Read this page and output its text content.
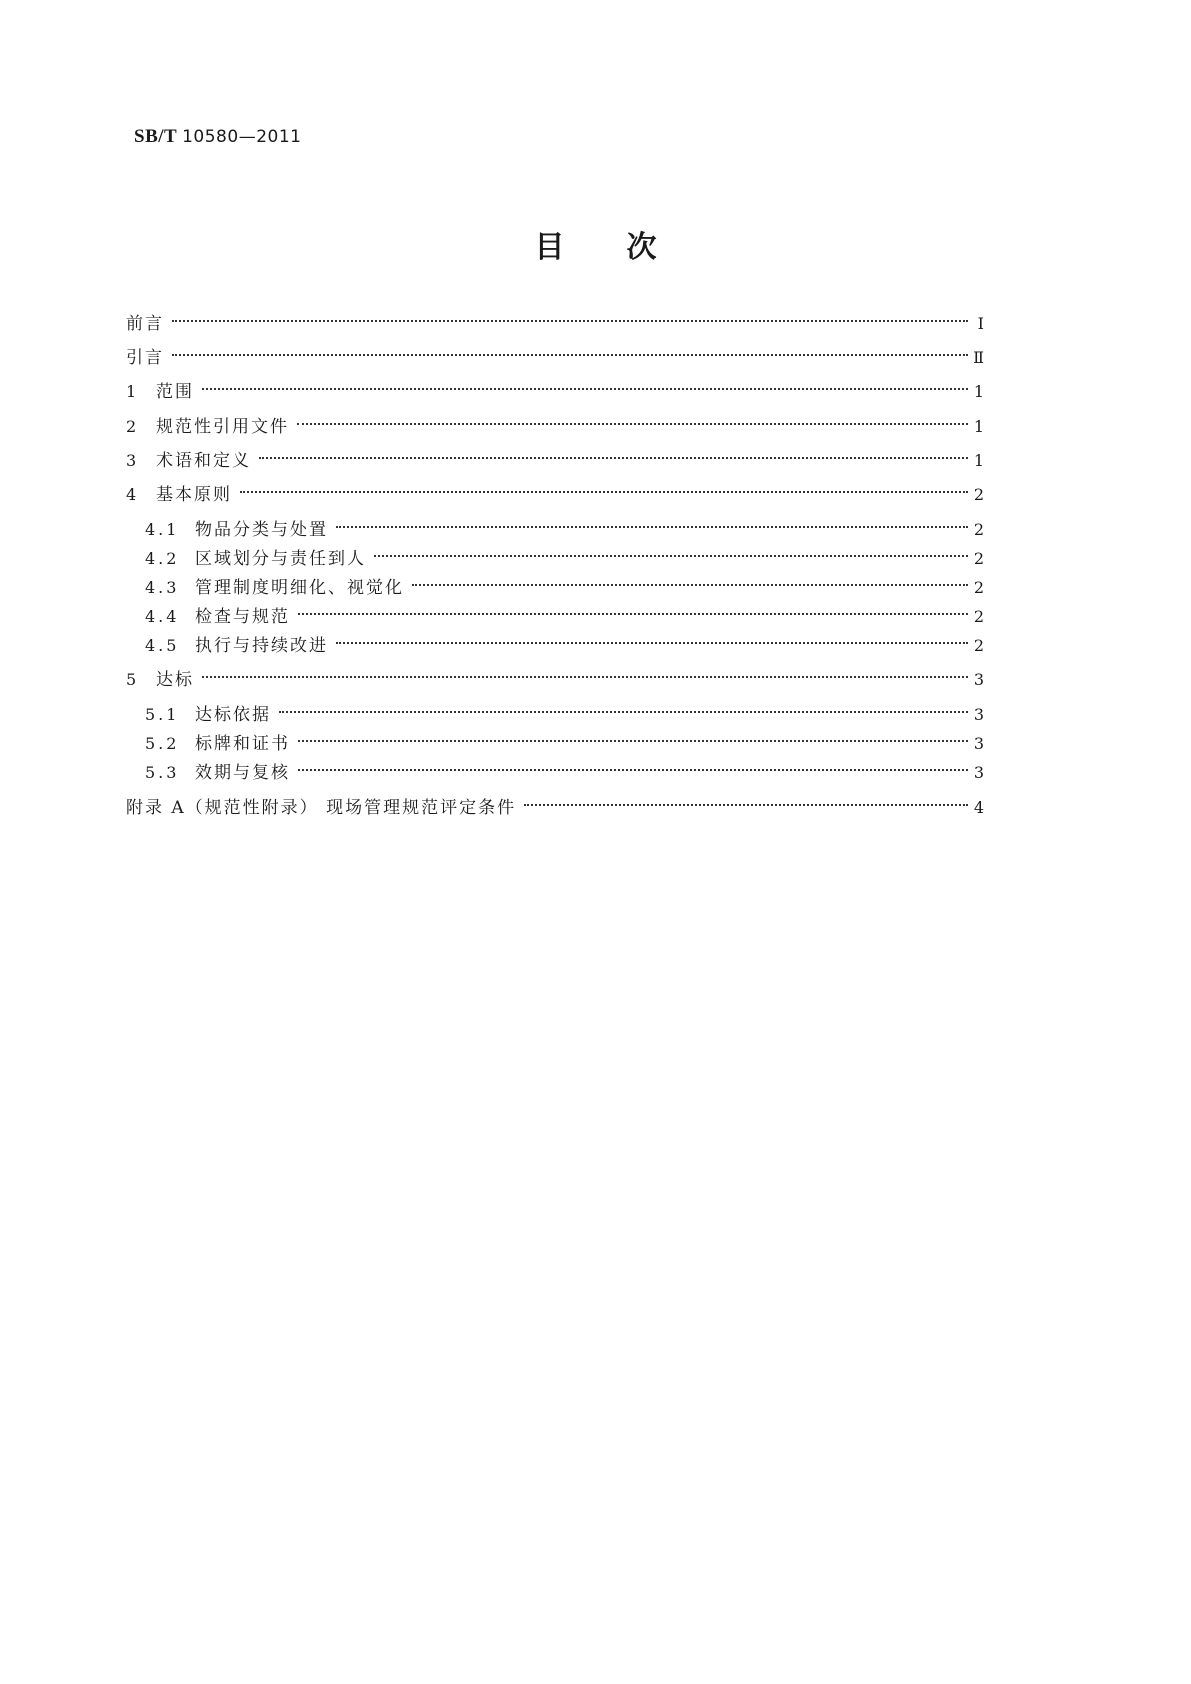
SB/T 10580—2011
目次
前言	Ⅰ
引言	Ⅱ
1 范围	1
2 规范性引用文件	1
3 术语和定义	1
4 基本原则	2
4.1 物品分类与处置	2
4.2 区域划分与责任到人	2
4.3 管理制度明细化、视觉化	2
4.4 检查与规范	2
4.5 执行与持续改进	2
5 达标	3
5.1 达标依据	3
5.2 标牌和证书	3
5.3 效期与复核	3
附录 A（规范性附录） 现场管理规范评定条件	4
